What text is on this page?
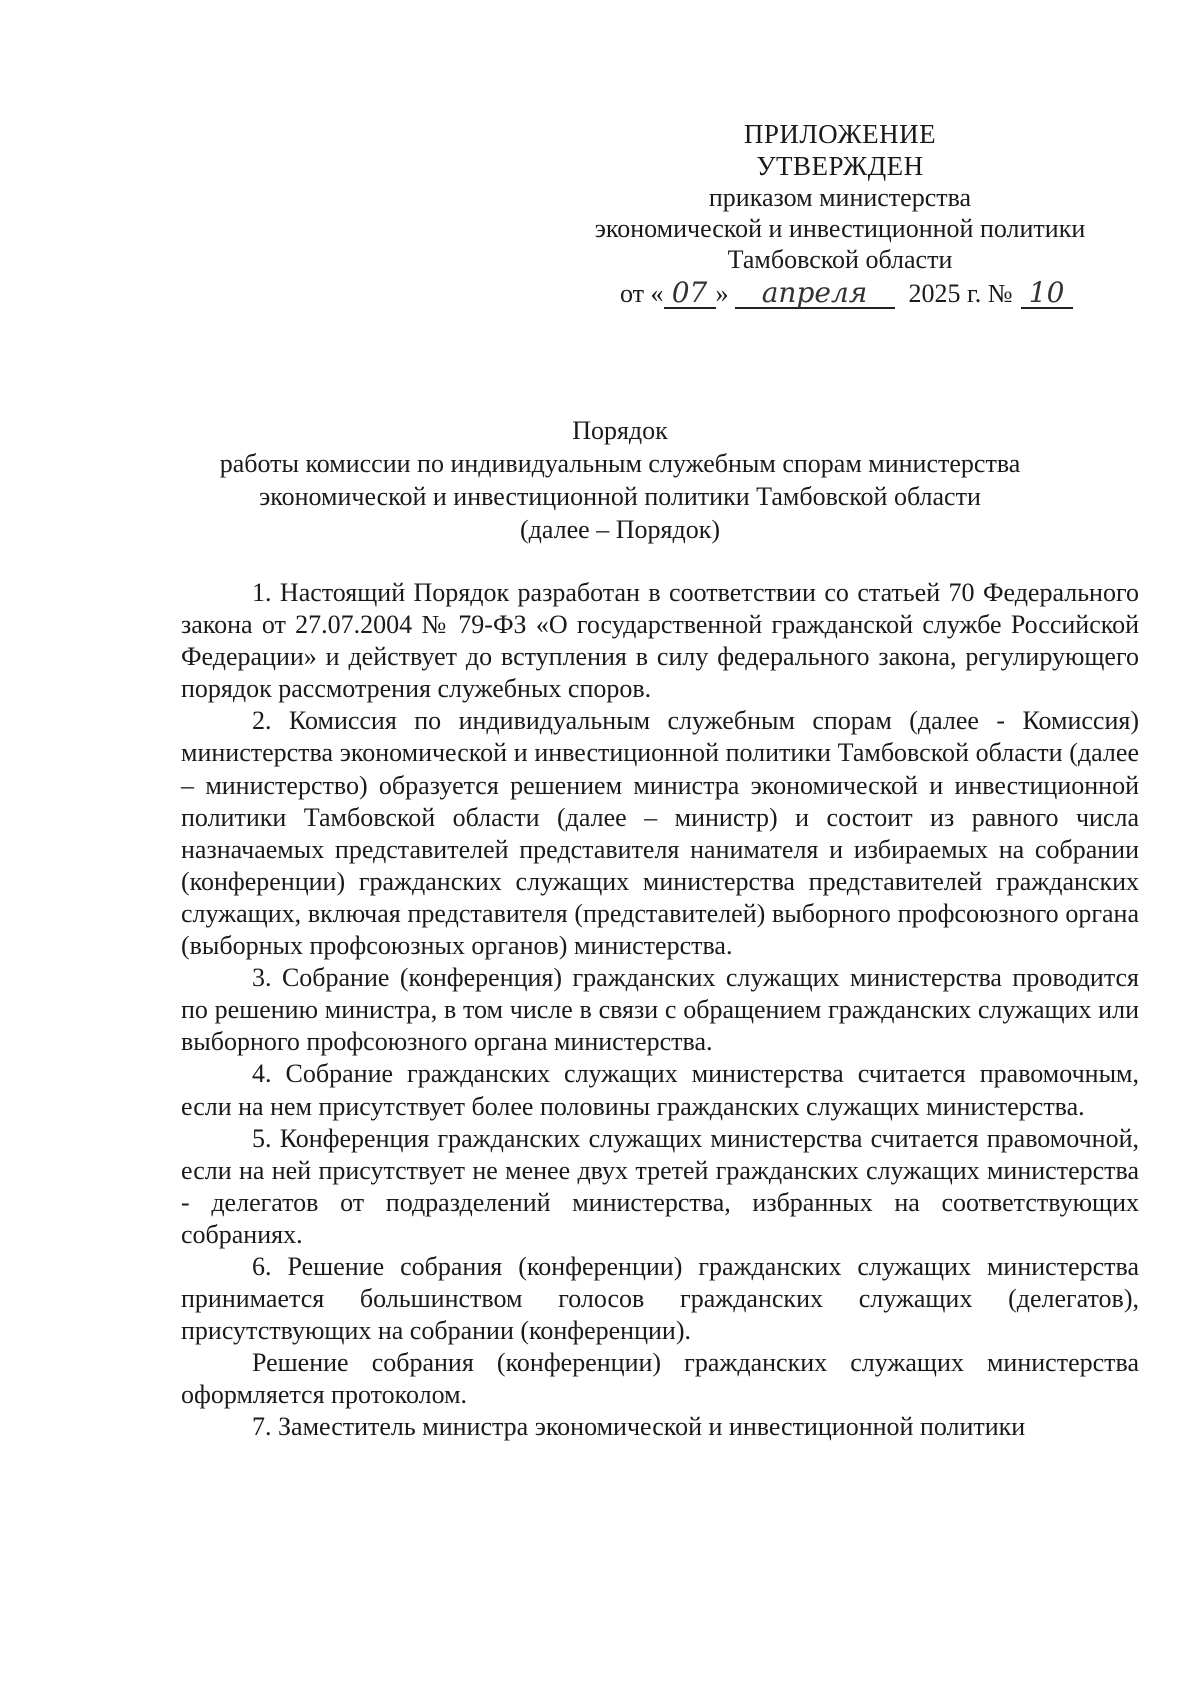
ПРИЛОЖЕНИЕ
УТВЕРЖДЕН
приказом министерства
экономической и инвестиционной политики
Тамбовской области
от « 07 » апреля 2025 г. № 10
Порядок
работы комиссии по индивидуальным служебным спорам министерства
экономической и инвестиционной политики Тамбовской области
(далее – Порядок)

1. Настоящий Порядок разработан в соответствии со статьей 70 Федерального закона от 27.07.2004 № 79-ФЗ «О государственной гражданской службе Российской Федерации» и действует до вступления в силу федерального закона, регулирующего порядок рассмотрения служебных споров.

2. Комиссия по индивидуальным служебным спорам (далее - Комиссия) министерства экономической и инвестиционной политики Тамбовской области (далее – министерство) образуется решением министра экономической и инвестиционной политики Тамбовской области (далее – министр) и состоит из равного числа назначаемых представителей представителя нанимателя и избираемых на собрании (конференции) гражданских служащих министерства представителей гражданских служащих, включая представителя (представителей) выборного профсоюзного органа (выборных профсоюзных органов) министерства.

3. Собрание (конференция) гражданских служащих министерства проводится по решению министра, в том числе в связи с обращением гражданских служащих или выборного профсоюзного органа министерства.

4. Собрание гражданских служащих министерства считается правомочным, если на нем присутствует более половины гражданских служащих министерства.

5. Конференция гражданских служащих министерства считается правомочной, если на ней присутствует не менее двух третей гражданских служащих министерства - делегатов от подразделений министерства, избранных на соответствующих собраниях.

6. Решение собрания (конференции) гражданских служащих министерства принимается большинством голосов гражданских служащих (делегатов), присутствующих на собрании (конференции).

Решение собрания (конференции) гражданских служащих министерства оформляется протоколом.

7. Заместитель министра экономической и инвестиционной политики
